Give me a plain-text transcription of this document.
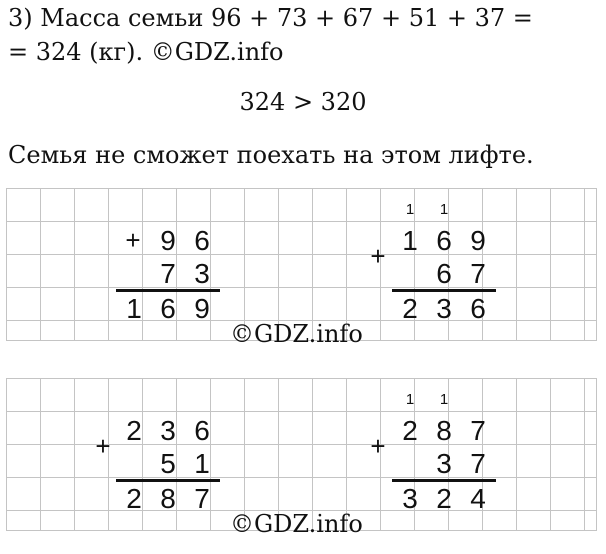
3) Масса семьи 96 + 73 + 67 + 51 + 37 =
= 324 (кг). ©GDZ.info
324 > 320
Семья не сможет поехать на этом лифте.
+ 9 6
7 3
1 6 9
+
1	1
1 6 9
6 7
2 3 6
©GDZ.info
+ 2 3 6
5 1
2 8 7
+
1	1
2 8 7
3 7
3 2 4
©GDZ.info
